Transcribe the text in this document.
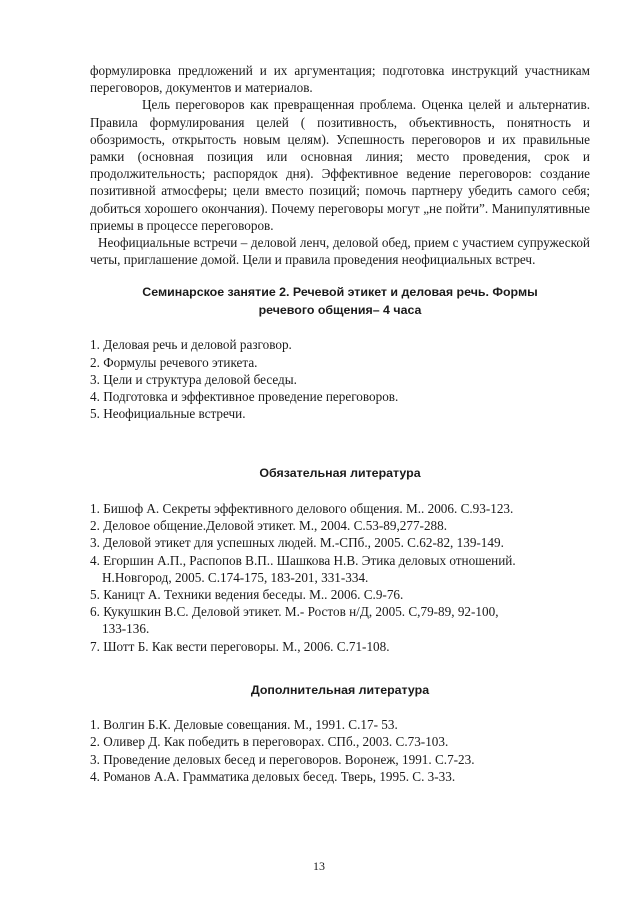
формулировка предложений и их аргументация; подготовка инструкций участникам переговоров, документов и материалов.

Цель переговоров как превращенная проблема. Оценка целей и альтернатив. Правила формулирования целей ( позитивность, объективность, понятность и обозримость, открытость новым целям). Успешность переговоров и их правильные рамки (основная позиция или основная линия; место проведения, срок и продолжительность; распорядок дня). Эффективное ведение переговоров: создание позитивной атмосферы; цели вместо позиций; помочь партнеру убедить самого себя; добиться хорошего окончания). Почему переговоры могут „не пойти”. Манипулятивные приемы в процессе переговоров.

Неофициальные встречи – деловой ленч, деловой обед, прием с участием супружеской четы, приглашение домой. Цели и правила проведения неофициальных встреч.

Семинарское занятие 2. Речевой этикет и деловая речь. Формы

речевого общения– 4 часа

1. Деловая речь и деловой разговор.
2. Формулы речевого этикета.
3. Цели и структура деловой беседы.
4. Подготовка и эффективное проведение переговоров.
5. Неофициальные встречи.

Обязательная литература

1. Бишоф А. Секреты эффективного делового общения. М.. 2006. С.93-123.
2. Деловое общение.Деловой этикет. М., 2004. С.53-89,277-288.
3. Деловой этикет для успешных людей. М.-СПб., 2005. С.62-82, 139-149.
4. Егоршин А.П., Распопов В.П.. Шашкова Н.В. Этика деловых отношений.
Н.Новгород, 2005. С.174-175, 183-201, 331-334.
5. Каницт А. Техники ведения беседы. М.. 2006. С.9-76.
6. Кукушкин В.С. Деловой этикет. М.- Ростов н/Д, 2005. С,79-89, 92-100,
133-136.
7. Шотт Б. Как вести переговоры. М., 2006. С.71-108.

Дополнительная литература

1. Волгин Б.К. Деловые совещания. М., 1991. С.17- 53.
2. Оливер Д. Как победить в переговорах. СПб., 2003. С.73-103.
3. Проведение деловых бесед и переговоров. Воронеж, 1991. С.7-23.
4. Романов А.А. Грамматика деловых бесед. Тверь, 1995. С. 3-33.
13
